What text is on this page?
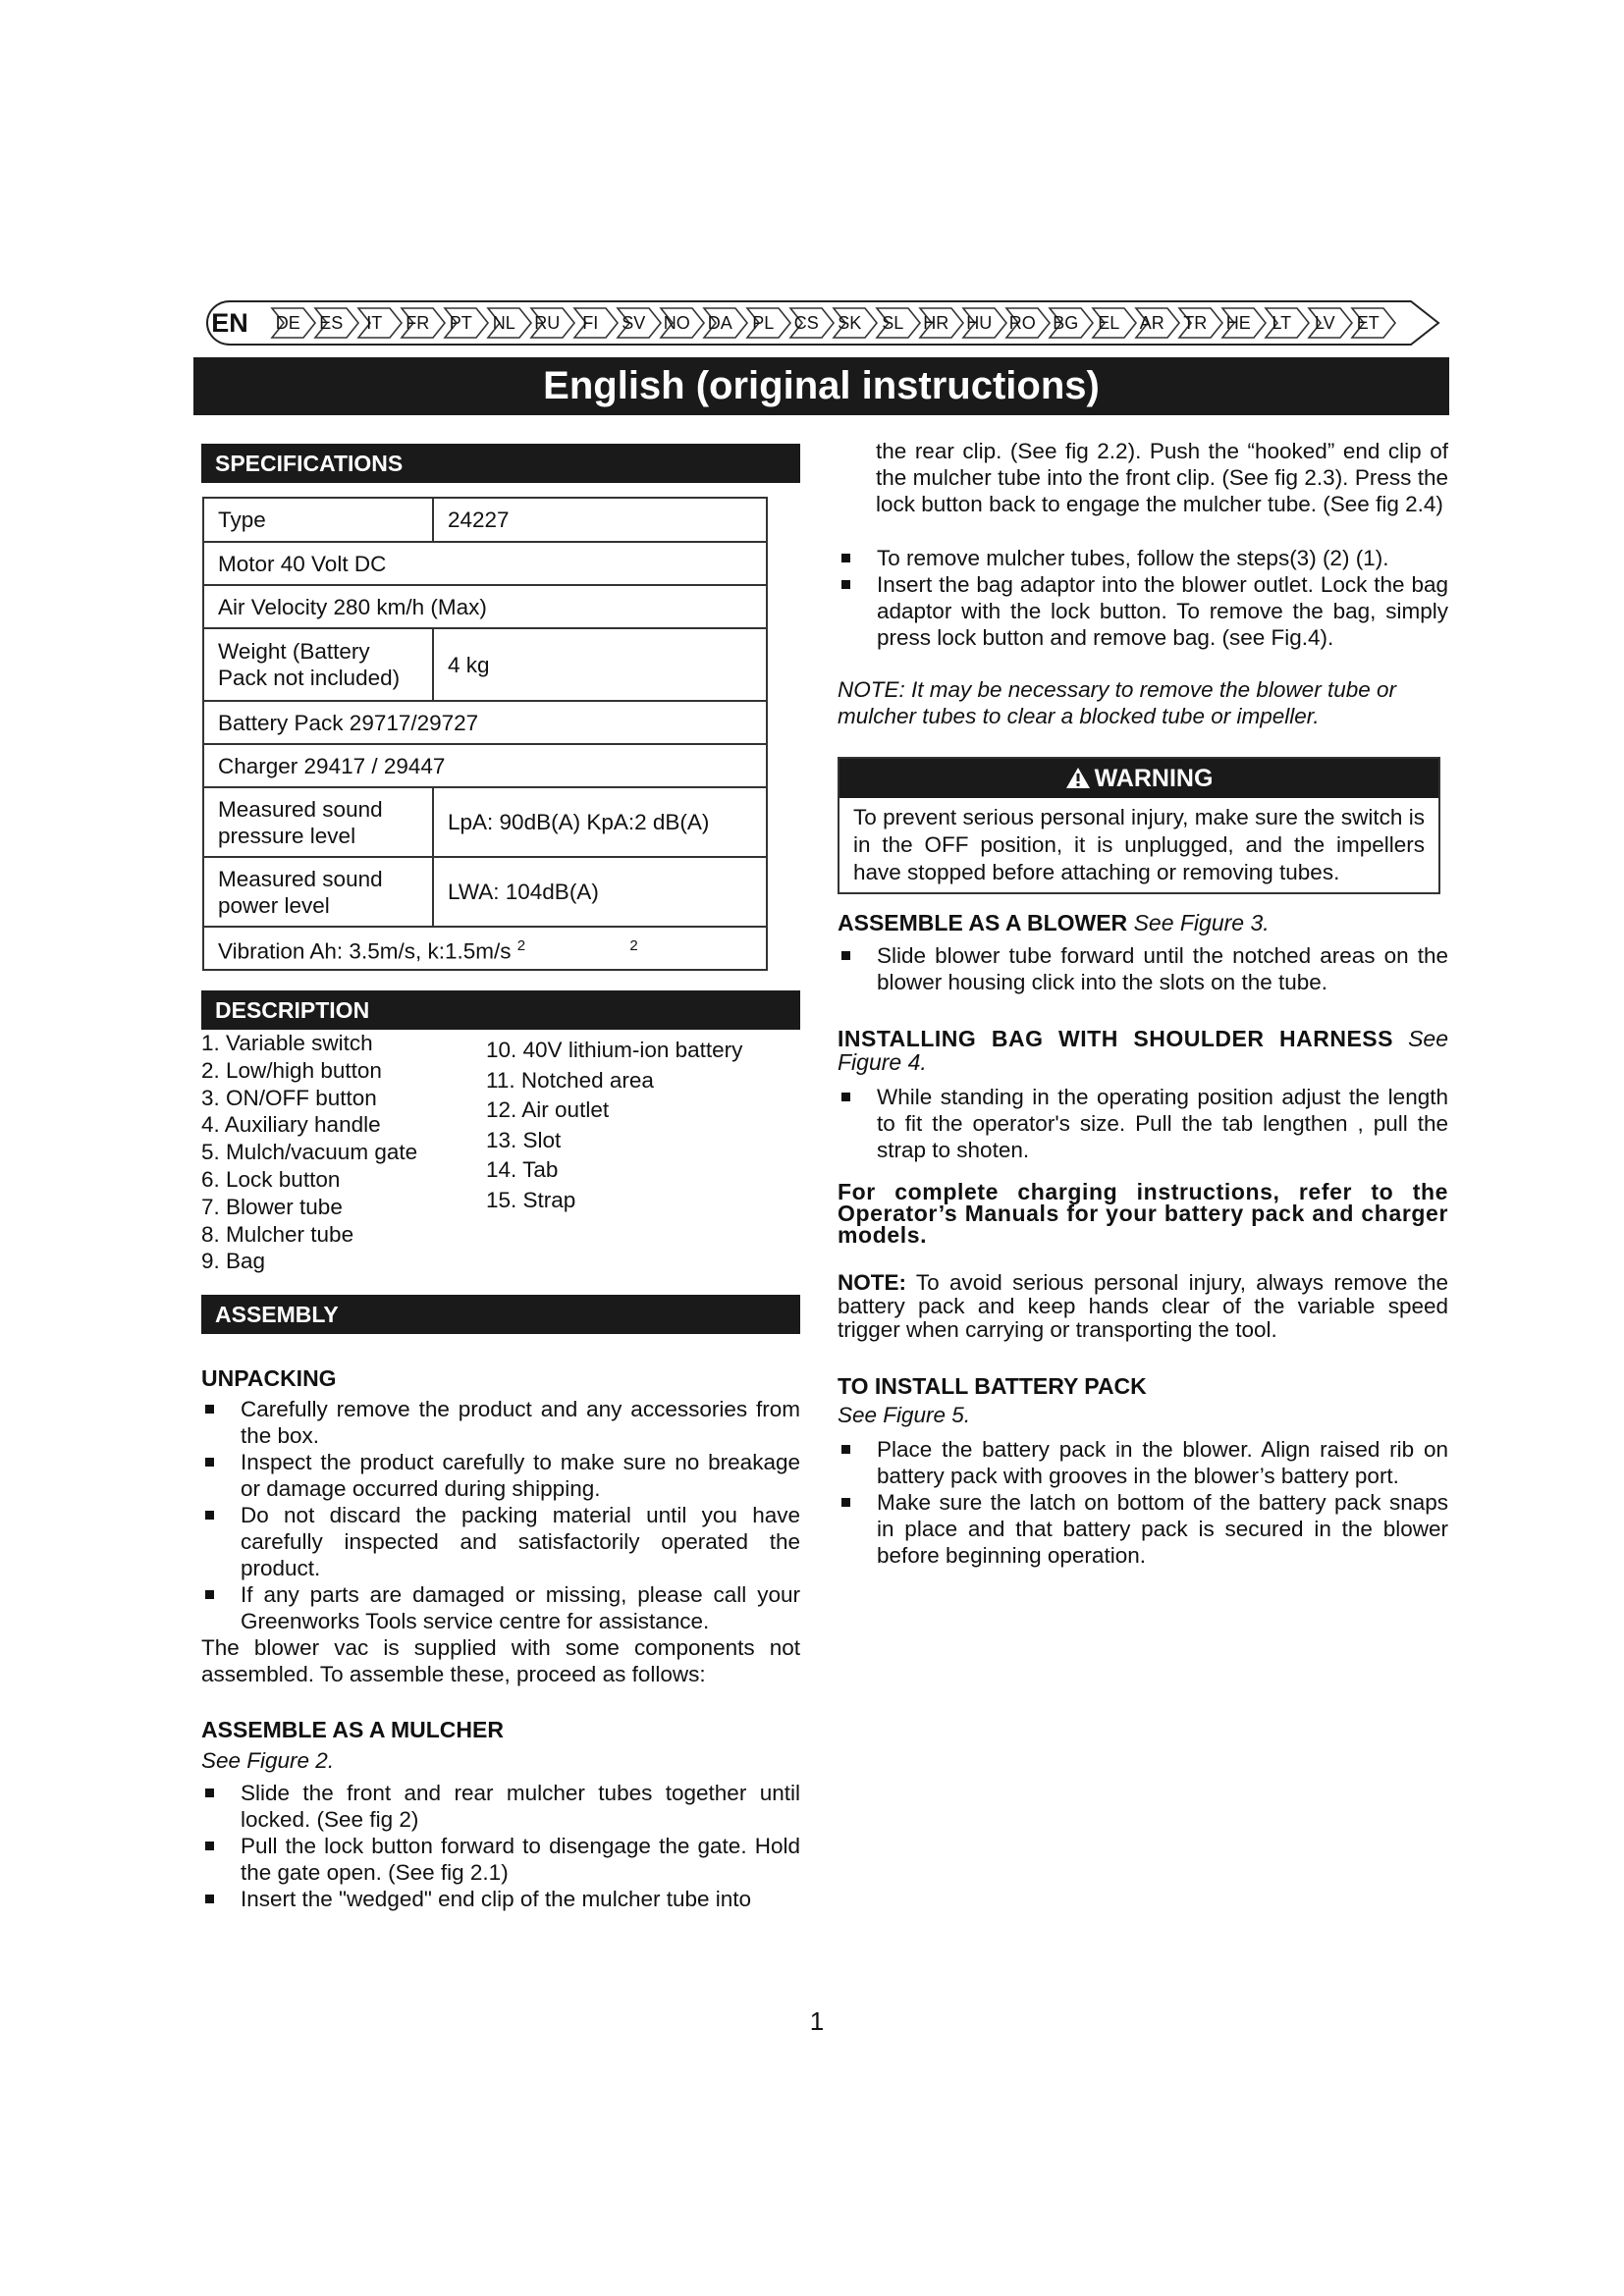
EN	DE ES IT FR PT NL RU FI SV NO DA PL CS SK SL HR HU RO BG EL AR TR HE LT LV ET
English (original instructions)
SPECIFICATIONS
Type	24227
Motor 40 Volt DC	
Air Velocity 280 km/h (Max)	
Weight (Battery Pack not included)	4 kg
Battery Pack 29717/29727	
Charger 29417 / 29447	
Measured sound pressure level	LpA: 90dB(A) KpA:2 dB(A)
Measured sound power level	LWA: 104dB(A)
Vibration Ah: 3.5m/s, k:1.5m/s $^2$ $^2$
DESCRIPTION
1. Variable switch
2. Low/high button
3. ON/OFF button
4. Auxiliary handle
5. Mulch/vacuum gate
6. Lock button
7. Blower tube
8. Mulcher tube
9. Bag
10. 40V lithium-ion battery
11. Notched area
12. Air outlet
13. Slot
14. Tab
15. Strap
ASSEMBLY
UNPACKING
Carefully remove the product and any accessories from the box.
Inspect the product carefully to make sure no breakage or damage occurred during shipping.
Do not discard the packing material until you have carefully inspected and satisfactorily operated the product.
If any parts are damaged or missing, please call your Greenworks Tools service centre for assistance.

The blower vac is supplied with some components not assembled. To assemble these, proceed as follows:

ASSEMBLE AS A MULCHER

See Figure 2.

Slide the front and rear mulcher tubes together until locked. (See fig 2)
Pull the lock button forward to disengage the gate. Hold the gate open. (See fig 2.1)
Insert the "wedged" end clip of the mulcher tube into

the rear clip. (See fig 2.2). Push the “hooked” end clip of the mulcher tube into the front clip. (See fig 2.3). Press the lock button back to engage the mulcher tube. (See fig 2.4)

To remove mulcher tubes, follow the steps(3) (2) (1).
Insert the bag adaptor into the blower outlet. Lock the bag adaptor with the lock button. To remove the bag, simply press lock button and remove bag. (see Fig.4).

NOTE: It may be necessary to remove the blower tube or mulcher tubes to clear a blocked tube or impeller.

WARNING
To prevent serious personal injury, make sure the switch is in the OFF position, it is unplugged, and the impellers have stopped before attaching or removing tubes.
ASSEMBLE AS A BLOWER See Figure 3.
Slide blower tube forward until the notched areas on the blower housing click into the slots on the tube.
INSTALLING BAG WITH SHOULDER HARNESS See Figure 4.
While standing in the operating position adjust the length to fit the operator's size. Pull the tab lengthen , pull the strap to shoten.

For complete charging instructions, refer to the Operator’s Manuals for your battery pack and charger models.

NOTE: To avoid serious personal injury, always remove the battery pack and keep hands clear of the variable speed trigger when carrying or transporting the tool.

TO INSTALL BATTERY PACK

See Figure 5.

Place the battery pack in the blower. Align raised rib on battery pack with grooves in the blower’s battery port.
Make sure the latch on bottom of the battery pack snaps in place and that battery pack is secured in the blower before beginning operation.
1
